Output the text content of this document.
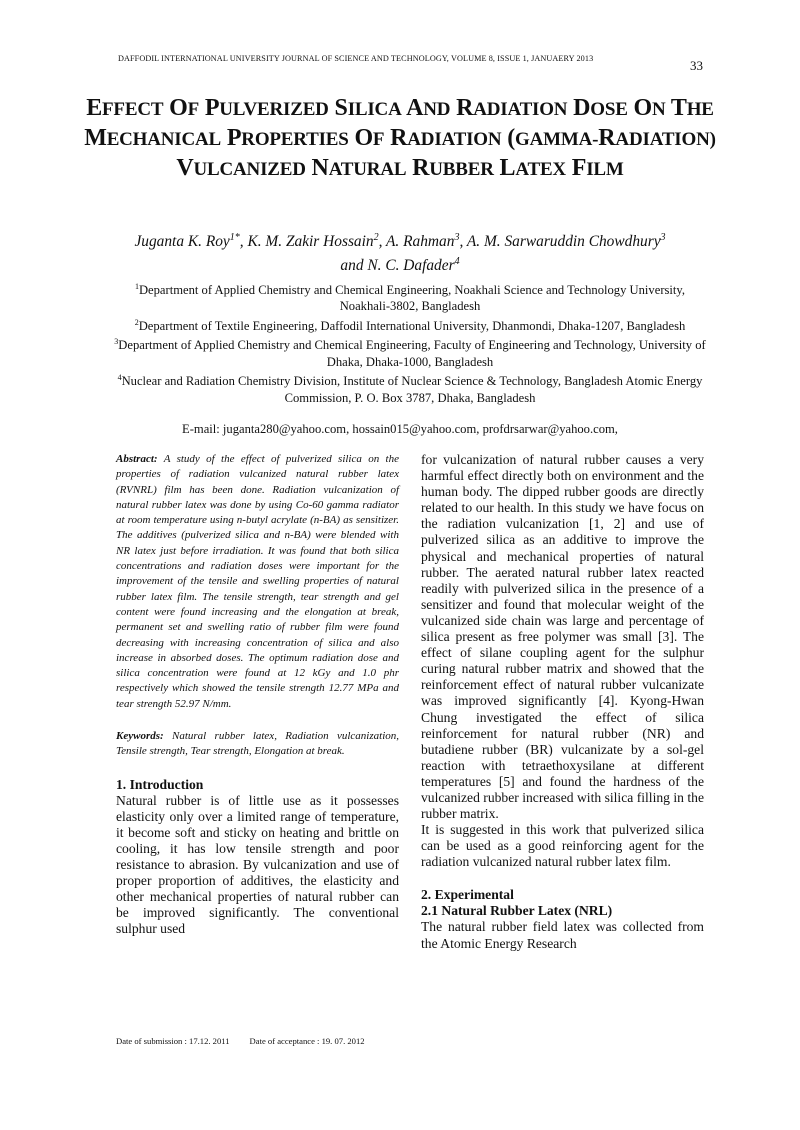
DAFFODIL INTERNATIONAL UNIVERSITY JOURNAL OF SCIENCE AND TECHNOLOGY, VOLUME 8, ISSUE 1, JANUAERY 2013	33
EFFECT OF PULVERIZED SILICA AND RADIATION DOSE ON THE MECHANICAL PROPERTIES OF RADIATION (GAMMA-RADIATION) VULCANIZED NATURAL RUBBER LATEX FILM
Juganta K. Roy$^{1*}$, K. M. Zakir Hossain$^2$, A. Rahman$^3$, A. M. Sarwaruddin Chowdhury$^3$
and N. C. Dafader$^4$

$^1$Department of Applied Chemistry and Chemical Engineering, Noakhali Science and Technology University, Noakhali-3802, Bangladesh

$^2$Department of Textile Engineering, Daffodil International University, Dhanmondi, Dhaka-1207, Bangladesh

$^3$Department of Applied Chemistry and Chemical Engineering, Faculty of Engineering and Technology, University of Dhaka, Dhaka-1000, Bangladesh

$^4$Nuclear and Radiation Chemistry Division, Institute of Nuclear Science & Technology, Bangladesh Atomic Energy Commission, P. O. Box 3787, Dhaka, Bangladesh

E-mail: juganta280@yahoo.com, hossain015@yahoo.com, profdrsarwar@yahoo.com,

Abstract: A study of the effect of pulverized silica on the properties of radiation vulcanized natural rubber latex (RVNRL) film has been done. Radiation vulcanization of natural rubber latex was done by using Co-60 gamma radiator at room temperature using n-butyl acrylate (n-BA) as sensitizer. The additives (pulverized silica and n-BA) were blended with NR latex just before irradiation. It was found that both silica concentrations and radiation doses were important for the improvement of the tensile and swelling properties of natural rubber latex film. The tensile strength, tear strength and gel content were found increasing and the elongation at break, permanent set and swelling ratio of rubber film were found decreasing with increasing concentration of silica and also increase in absorbed doses. The optimum radiation dose and silica concentration were found at 12 kGy and 1.0 phr respectively which showed the tensile strength 12.77 MPa and tear strength 52.97 N/mm.

Keywords: Natural rubber latex, Radiation vulcanization, Tensile strength, Tear strength, Elongation at break.

1. Introduction

Natural rubber is of little use as it possesses elasticity only over a limited range of temperature, it become soft and sticky on heating and brittle on cooling, it has low tensile strength and poor resistance to abrasion. By vulcanization and use of proper proportion of additives, the elasticity and other mechanical properties of natural rubber can be improved significantly. The conventional sulphur used

for vulcanization of natural rubber causes a very harmful effect directly both on environment and the human body. The dipped rubber goods are directly related to our health. In this study we have focus on the radiation vulcanization [1, 2] and use of pulverized silica as an additive to improve the physical and mechanical properties of natural rubber. The aerated natural rubber latex reacted readily with pulverized silica in the presence of a sensitizer and found that molecular weight of the vulcanized side chain was large and percentage of silica present as free polymer was small [3]. The effect of silane coupling agent for the sulphur curing natural rubber matrix and showed that the reinforcement effect of natural rubber vulcanizate was improved significantly [4]. Kyong-Hwan Chung investigated the effect of silica reinforcement for natural rubber (NR) and butadiene rubber (BR) vulcanizate by a sol-gel reaction with tetraethoxysilane at different temperatures [5] and found the hardness of the vulcanized rubber increased with silica filling in the rubber matrix.

It is suggested in this work that pulverized silica can be used as a good reinforcing agent for the radiation vulcanized natural rubber latex film.

2. Experimental
2.1 Natural Rubber Latex (NRL)

The natural rubber field latex was collected from the Atomic Energy Research

Date of submission : 17.12. 2011 Date of acceptance : 19. 07. 2012
